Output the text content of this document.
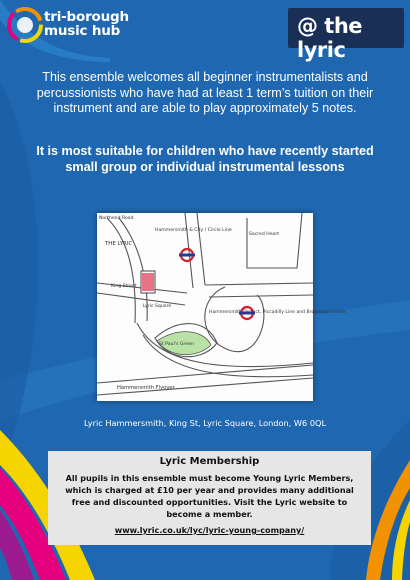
tri-borough
music hub	@ the lyric

This ensemble welcomes all beginner instrumentalists and percussionists who have had at least 1 term’s tuition on their instrument and are able to play approximately 5 notes.

It is most suitable for children who have recently started small group or individual instrumental lessons

THE LYRIC
Lyric Square
King Street
Hammersmith & City / Circle Line
Hammersmith District, Piccadilly Line and Broadway Centre
St Paul's Green
Hammersmith Flyover
Northend Road
Sacred Heart

Lyric Hammersmith, King St, Lyric Square, London, W6 0QL

Lyric Membership

All pupils in this ensemble must become Young Lyric Members, which is charged at £10 per year and provides many additional free and discounted opportunities. Visit the Lyric website to become a member.

www.lyric.co.uk/lyc/lyric-young-company/
